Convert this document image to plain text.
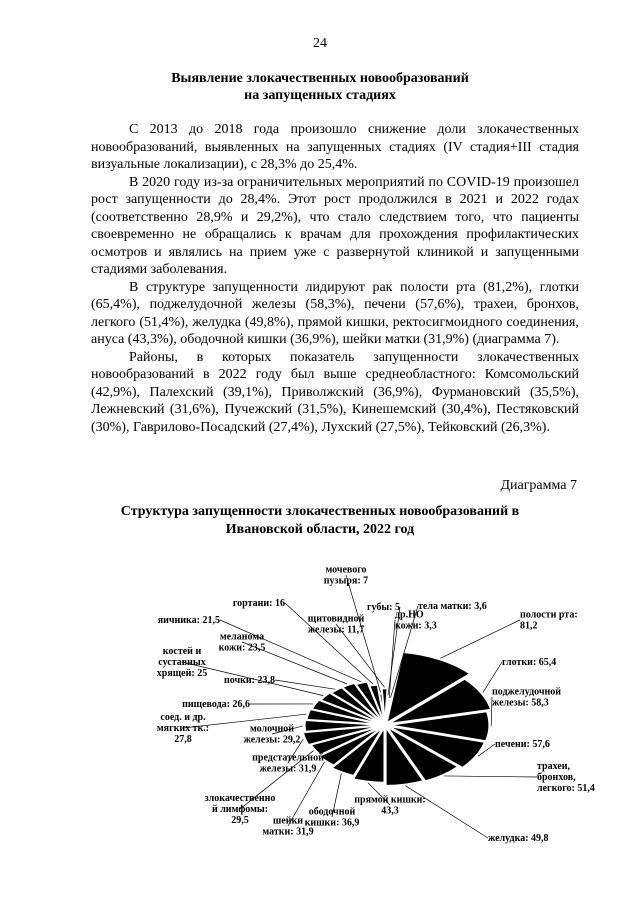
24
Выявление злокачественных новообразований
на запущенных стадиях

С 2013 до 2018 года произошло снижение доли злокачественных новообразований, выявленных на запущенных стадиях (IV стадия+III стадия визуальные локализации), с 28,3% до 25,4%.

В 2020 году из-за ограничительных мероприятий по COVID-19 произошел рост запущенности до 28,4%. Этот рост продолжился в 2021 и 2022 годах (соответственно 28,9% и 29,2%), что стало следствием того, что пациенты своевременно не обращались к врачам для прохождения профилактических осмотров и являлись на прием уже с развернутой клиникой и запущенными стадиями заболевания.

В структуре запущенности лидируют рак полости рта (81,2%), глотки (65,4%), поджелудочной железы (58,3%), печени (57,6%), трахеи, бронхов, легкого (51,4%), желудка (49,8%), прямой кишки, ректосигмоидного соединения, ануса (43,3%), ободочной кишки (36,9%), шейки матки (31,9%) (диаграмма 7).

Районы, в которых показатель запущенности злокачественных новообразований в 2022 году был выше среднеобластного: Комсомольский (42,9%), Палехский (39,1%), Приволжский (36,9%), Фурмановский (35,5%), Лежневский (31,6%), Пучежский (31,5%), Кинешемский (30,4%), Пестяковский (30%), Гаврилово-Посадский (27,4%), Лухский (27,5%), Тейковский (26,3%).

Диаграмма 7
Структура запущенности злокачественных новообразований в
Ивановской области, 2022 год
полости рта: 81,2
глотки: 65,4
поджелудочной железы: 58,3
печени: 57,6
трахеи, бронхов, легкого: 51,4
желудка: 49,8
прямой кишки: 43,3
ободочной кишки: 36,9
шейки матки: 31,9
злокачественно й лимфомы: 29,5
предстательной железы: 31,9
молочной железы: 29,2
соед. и др. мягких тк.: 27,8
пищевода: 26,6
костей и суставных хрящей: 25
почки: 23,8
меланома кожи: 23,5
яичника: 21,5
гортани: 16
мочевого пузыря: 7
щитовидной железы: 11,7
губы: 5
др.НО кожи: 3,3
тела матки: 3,6
